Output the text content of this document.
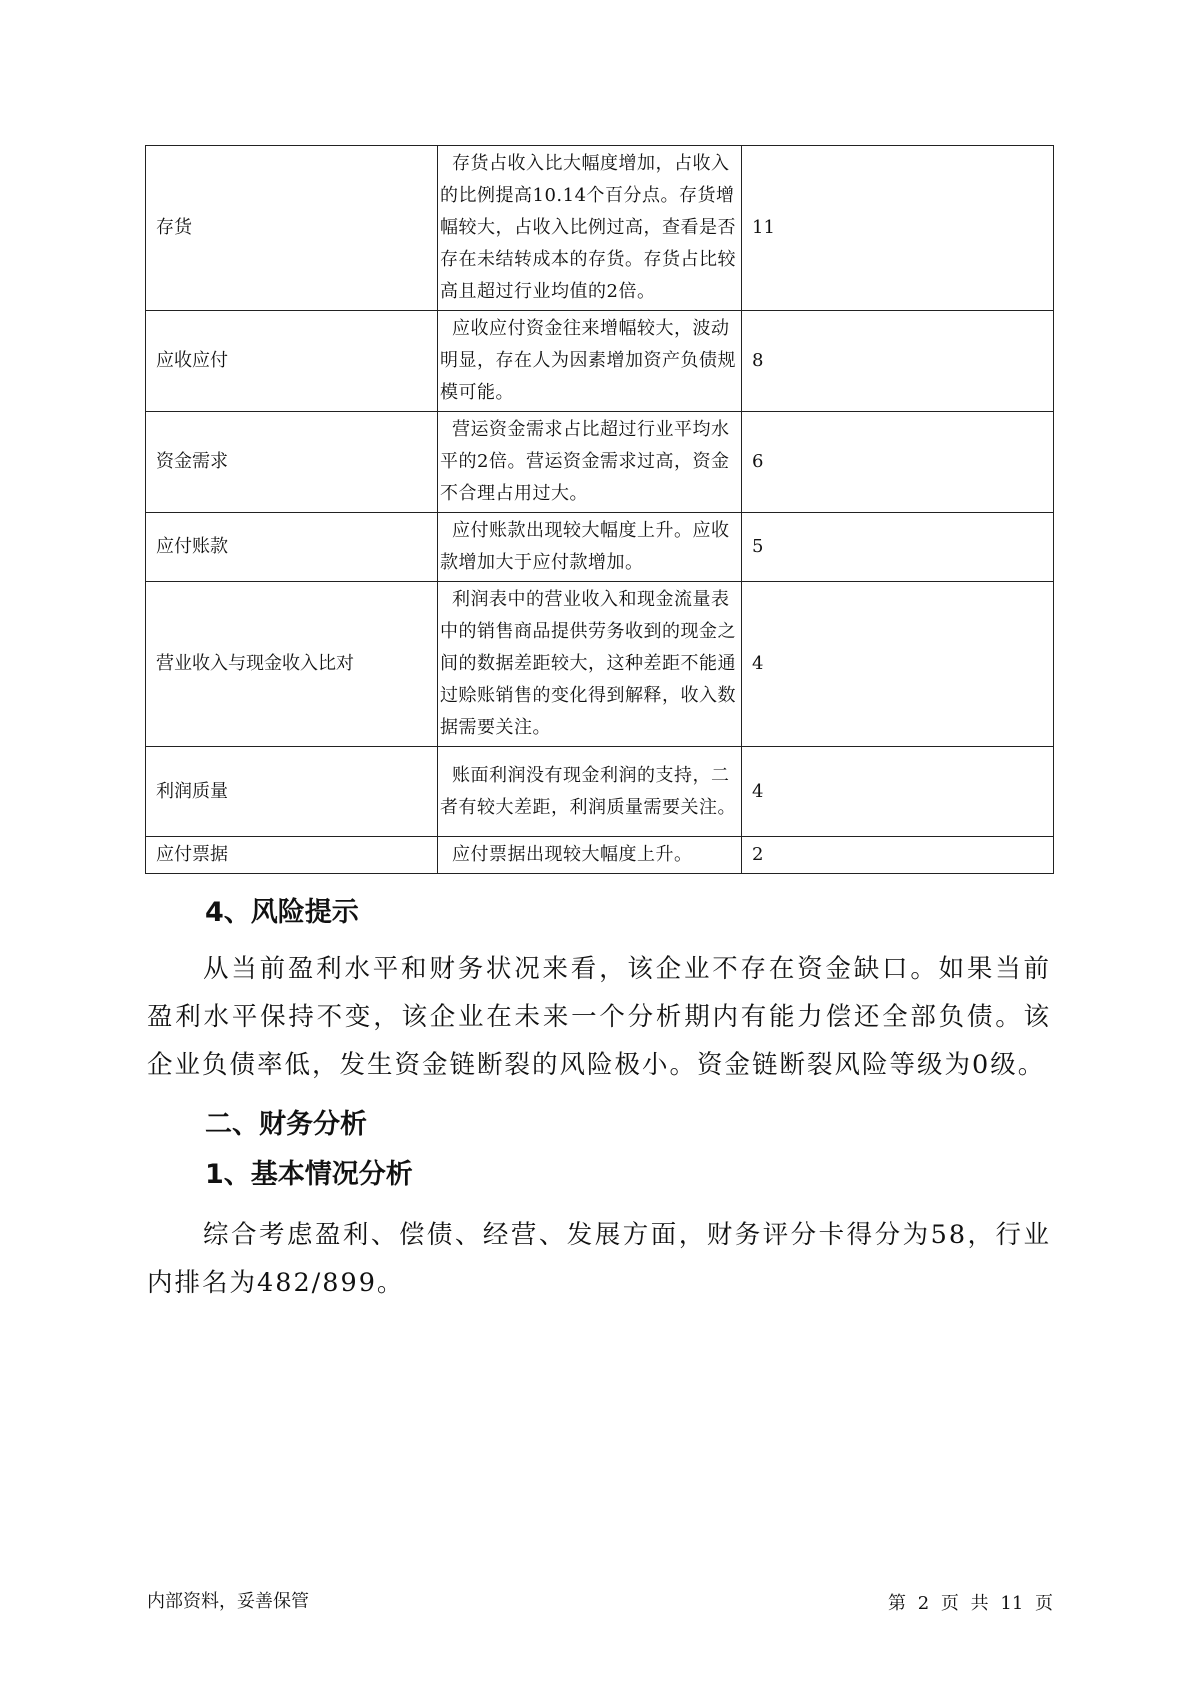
存货	存货占收入比大幅度增加，占收入的比例提高10.14个百分点。存货增幅较大，占收入比例过高，查看是否存在未结转成本的存货。存货占比较高且超过行业均值的2倍。	11
应收应付	应收应付资金往来增幅较大，波动明显，存在人为因素增加资产负债规模可能。	8
资金需求	营运资金需求占比超过行业平均水平的2倍。营运资金需求过高，资金不合理占用过大。	6
应付账款	应付账款出现较大幅度上升。应收款增加大于应付款增加。	5
营业收入与现金收入比对	利润表中的营业收入和现金流量表中的销售商品提供劳务收到的现金之间的数据差距较大，这种差距不能通过赊账销售的变化得到解释，收入数据需要关注。	4
利润质量	账面利润没有现金利润的支持，二者有较大差距，利润质量需要关注。	4
应付票据	应付票据出现较大幅度上升。	2
4、风险提示

从当前盈利水平和财务状况来看，该企业不存在资金缺口。如果当前盈利水平保持不变，该企业在未来一个分析期内有能力偿还全部负债。该企业负债率低，发生资金链断裂的风险极小。资金链断裂风险等级为0级。

二、财务分析
1、基本情况分析

综合考虑盈利、偿债、经营、发展方面，财务评分卡得分为58，行业内排名为482/899。

内部资料，妥善保管	第 2 页 共 11 页
